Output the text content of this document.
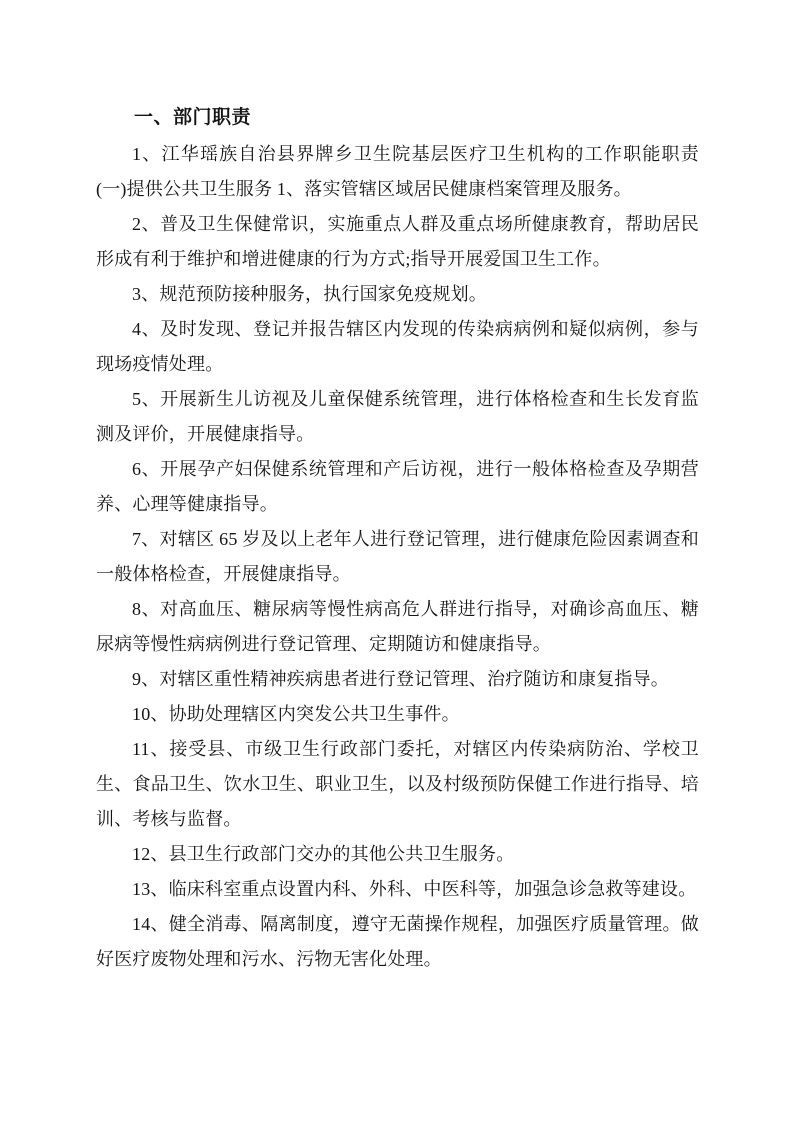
一、部门职责

1、江华瑶族自治县界牌乡卫生院基层医疗卫生机构的工作职能职责(一)提供公共卫生服务 1、落实管辖区域居民健康档案管理及服务。

2、普及卫生保健常识，实施重点人群及重点场所健康教育，帮助居民形成有利于维护和增进健康的行为方式;指导开展爱国卫生工作。

3、规范预防接种服务，执行国家免疫规划。

4、及时发现、登记并报告辖区内发现的传染病病例和疑似病例，参与现场疫情处理。

5、开展新生儿访视及儿童保健系统管理，进行体格检查和生长发育监测及评价，开展健康指导。

6、开展孕产妇保健系统管理和产后访视，进行一般体格检查及孕期营养、心理等健康指导。

7、对辖区 65 岁及以上老年人进行登记管理，进行健康危险因素调查和一般体格检查，开展健康指导。

8、对高血压、糖尿病等慢性病高危人群进行指导，对确诊高血压、糖尿病等慢性病病例进行登记管理、定期随访和健康指导。

9、对辖区重性精神疾病患者进行登记管理、治疗随访和康复指导。

10、协助处理辖区内突发公共卫生事件。

11、接受县、市级卫生行政部门委托，对辖区内传染病防治、学校卫生、食品卫生、饮水卫生、职业卫生，以及村级预防保健工作进行指导、培训、考核与监督。

12、县卫生行政部门交办的其他公共卫生服务。

13、临床科室重点设置内科、外科、中医科等，加强急诊急救等建设。

14、健全消毒、隔离制度，遵守无菌操作规程，加强医疗质量管理。做好医疗废物处理和污水、污物无害化处理。
